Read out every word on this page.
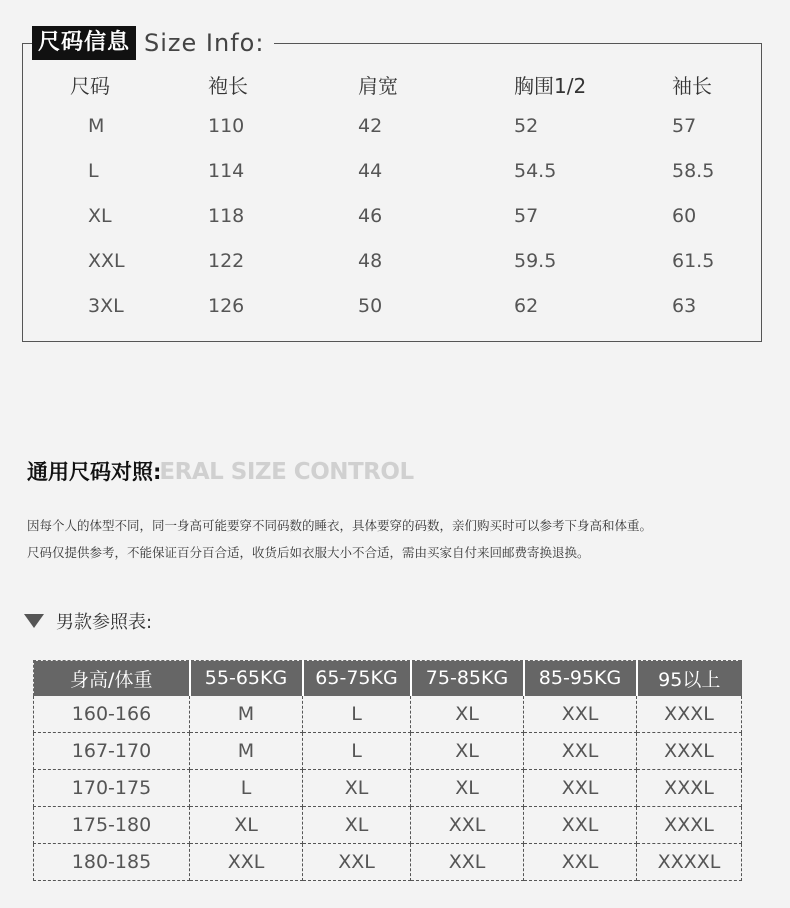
尺码信息 Size Info:
尺码	袍长	肩宽	胸围1/2	袖长
M	110	42	52	57
L	114	44	54.5	58.5
XL	118	46	57	60
XXL	122	48	59.5	61.5
3XL	126	50	62	63
通用尺码对照:
ERAL SIZE CONTROL
因每个人的体型不同，同一身高可能要穿不同码数的睡衣，具体要穿的码数，亲们购买时可以参考下身高和体重。
尺码仅提供参考，不能保证百分百合适，收货后如衣服大小不合适，需由买家自付来回邮费寄换退换。
男款参照表:
身高/体重	55-65KG	65-75KG	75-85KG	85-95KG	95以上
160-166	M	L	XL	XXL	XXXL
167-170	M	L	XL	XXL	XXXL
170-175	L	XL	XL	XXL	XXXL
175-180	XL	XL	XXL	XXL	XXXL
180-185	XXL	XXL	XXL	XXL	XXXXL
